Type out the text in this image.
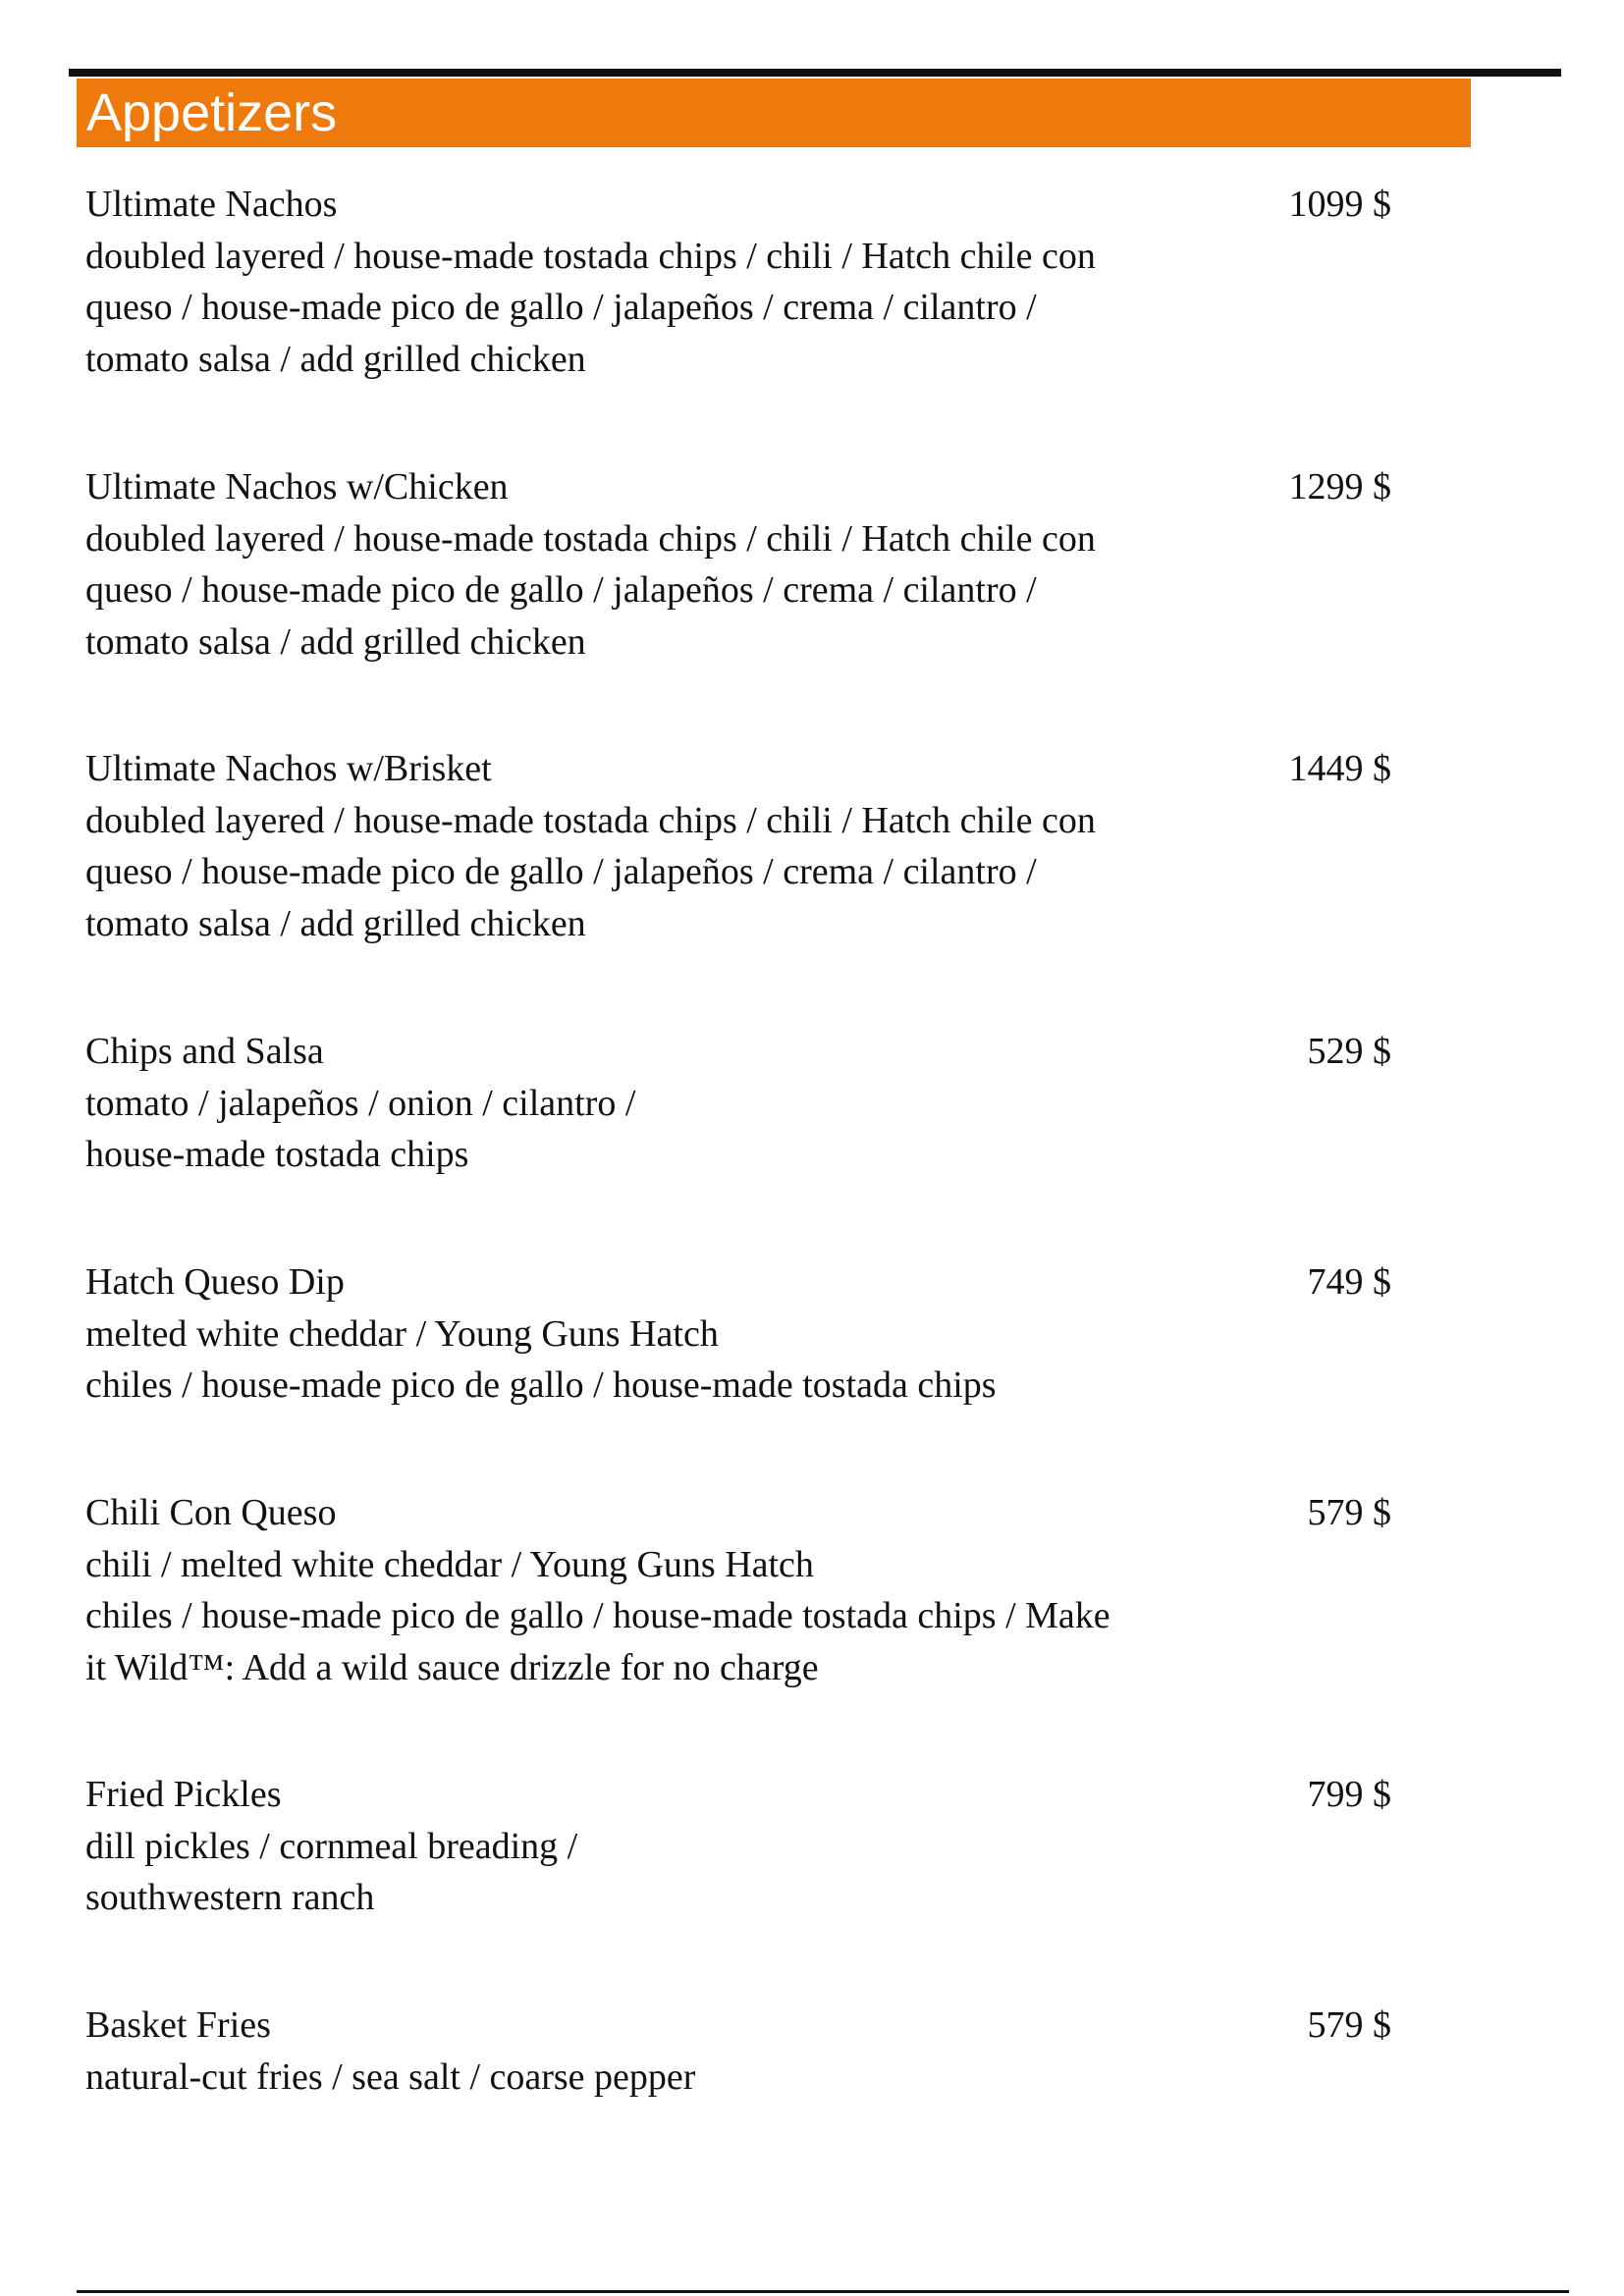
Appetizers
Ultimate Nachos	1099 $
doubled layered / house-made tostada chips / chili / Hatch chile con
queso / house-made pico de gallo / jalapeños / crema / cilantro /
tomato salsa / add grilled chicken
Ultimate Nachos w/Chicken	1299 $
doubled layered / house-made tostada chips / chili / Hatch chile con
queso / house-made pico de gallo / jalapeños / crema / cilantro /
tomato salsa / add grilled chicken
Ultimate Nachos w/Brisket	1449 $
doubled layered / house-made tostada chips / chili / Hatch chile con
queso / house-made pico de gallo / jalapeños / crema / cilantro /
tomato salsa / add grilled chicken
Chips and Salsa	529 $
tomato / jalapeños / onion / cilantro /
house-made tostada chips
Hatch Queso Dip	749 $
melted white cheddar / Young Guns Hatch
chiles / house-made pico de gallo / house-made tostada chips
Chili Con Queso	579 $
chili / melted white cheddar / Young Guns Hatch
chiles / house-made pico de gallo / house-made tostada chips / Make
it Wild™: Add a wild sauce drizzle for no charge
Fried Pickles	799 $
dill pickles / cornmeal breading /
southwestern ranch
Basket Fries	579 $
natural-cut fries / sea salt / coarse pepper
